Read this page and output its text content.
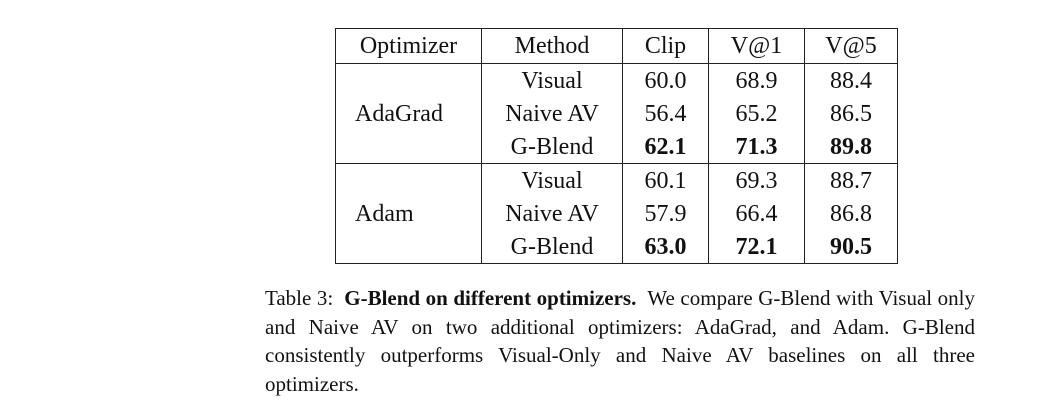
Optimizer	Method	Clip	V@1	V@5
AdaGrad	Visual	60.0	68.9	88.4
	Naive AV	56.4	65.2	86.5
	G-Blend	62.1	71.3	89.8
Adam	Visual	60.1	69.3	88.7
	Naive AV	57.9	66.4	86.8
	G-Blend	63.0	72.1	90.5

Table 3: G-Blend on different optimizers. We compare G-Blend with Visual only and Naive AV on two additional optimizers: AdaGrad, and Adam. G-Blend consistently outperforms Visual-Only and Naive AV baselines on all three optimizers.
